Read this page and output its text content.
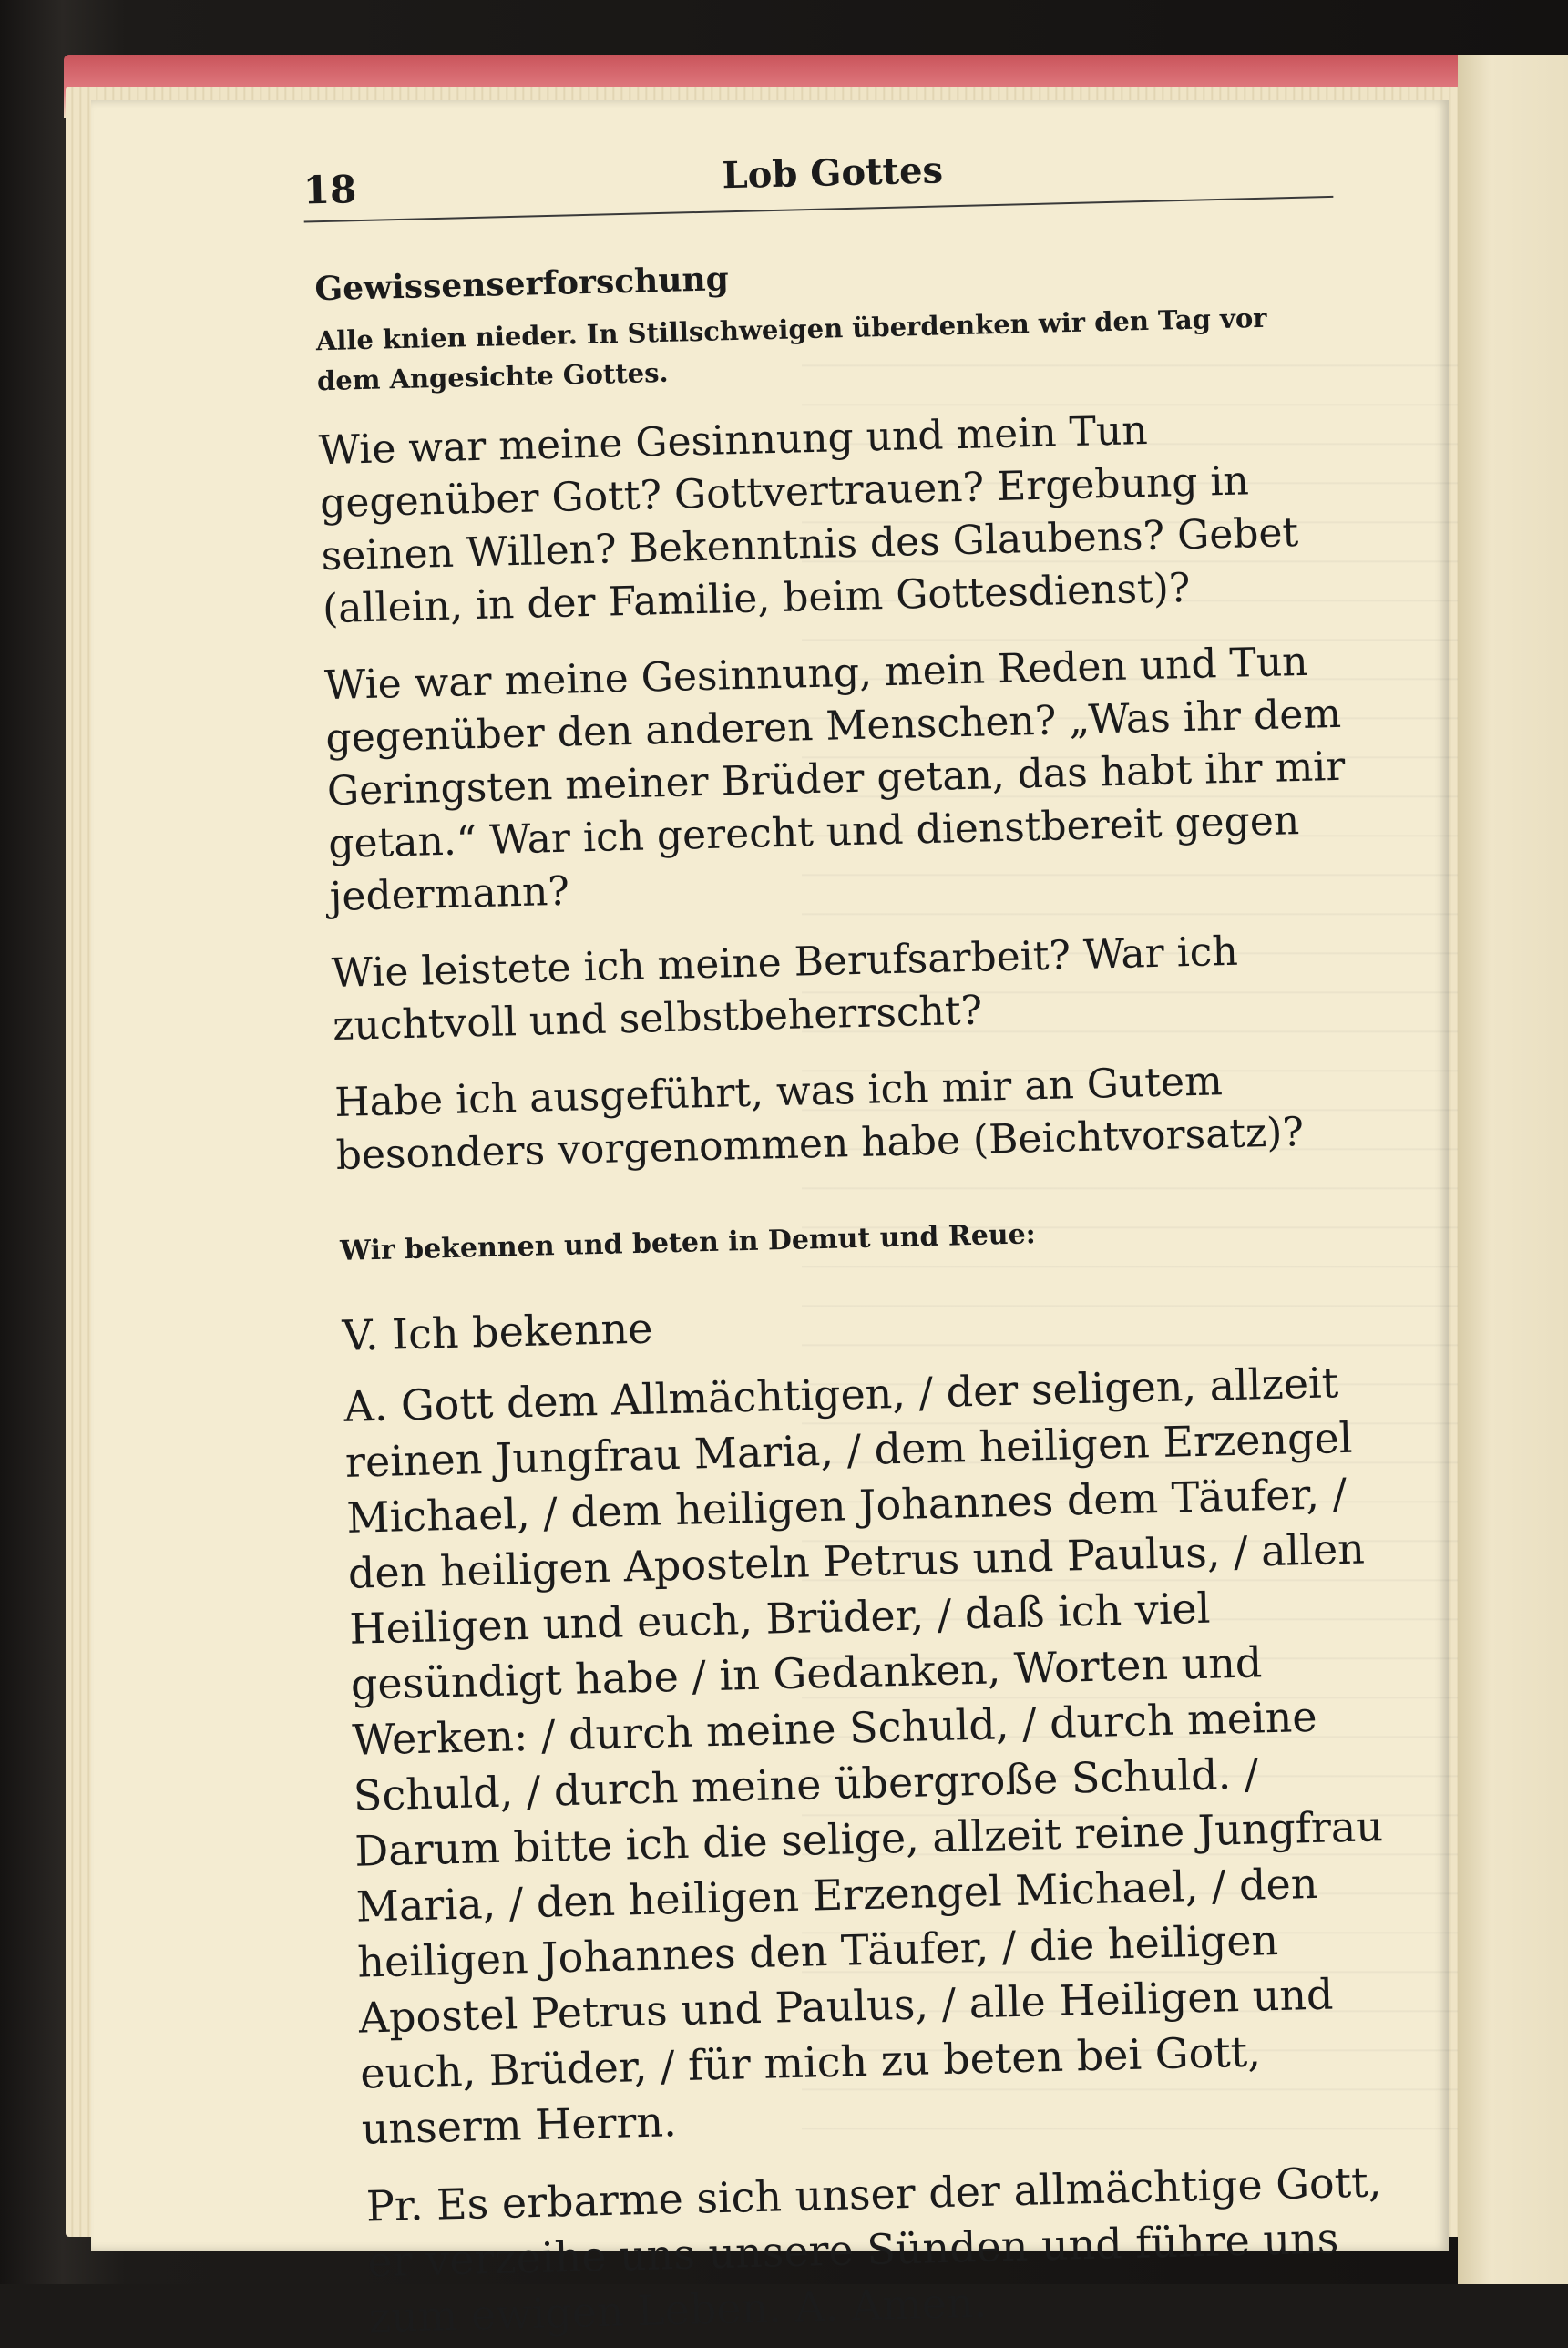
18	Lob Gottes
Gewissenserforschung
Alle knien nieder. In Stillschweigen überdenken wir den Tag vor dem Angesichte Gottes.
Wie war meine Gesinnung und mein Tun gegenüber Gott? Gottvertrauen? Ergebung in seinen Willen? Bekenntnis des Glaubens? Gebet (allein, in der Familie, beim Gottesdienst)?
Wie war meine Gesinnung, mein Reden und Tun gegenüber den anderen Menschen? „Was ihr dem Geringsten meiner Brüder getan, das habt ihr mir getan.“ War ich gerecht und dienstbereit gegen jedermann?
Wie leistete ich meine Berufsarbeit? War ich zuchtvoll und selbstbeherrscht?
Habe ich ausgeführt, was ich mir an Gutem besonders vorgenommen habe (Beichtvorsatz)?
Wir bekennen und beten in Demut und Reue:
V. Ich bekenne
A. Gott dem Allmächtigen, / der seligen, allzeit reinen Jungfrau Maria, / dem heiligen Erzengel Michael, / dem heiligen Johannes dem Täufer, / den heiligen Aposteln Petrus und Paulus, / allen Heiligen und euch, Brüder, / daß ich viel gesündigt habe / in Gedanken, Worten und Werken: / durch meine Schuld, / durch meine Schuld, / durch meine übergroße Schuld. / Darum bitte ich die selige, allzeit reine Jungfrau Maria, / den heiligen Erzengel Michael, / den heiligen Johannes den Täufer, / die heiligen Apostel Petrus und Paulus, / alle Heiligen und euch, Brüder, / für mich zu beten bei Gott, unserm Herrn.
Pr. Es erbarme sich unser der allmächtige Gott, er verzeihe uns unsere Sünden und führe uns zum ewigen Leben. A. Amen.
